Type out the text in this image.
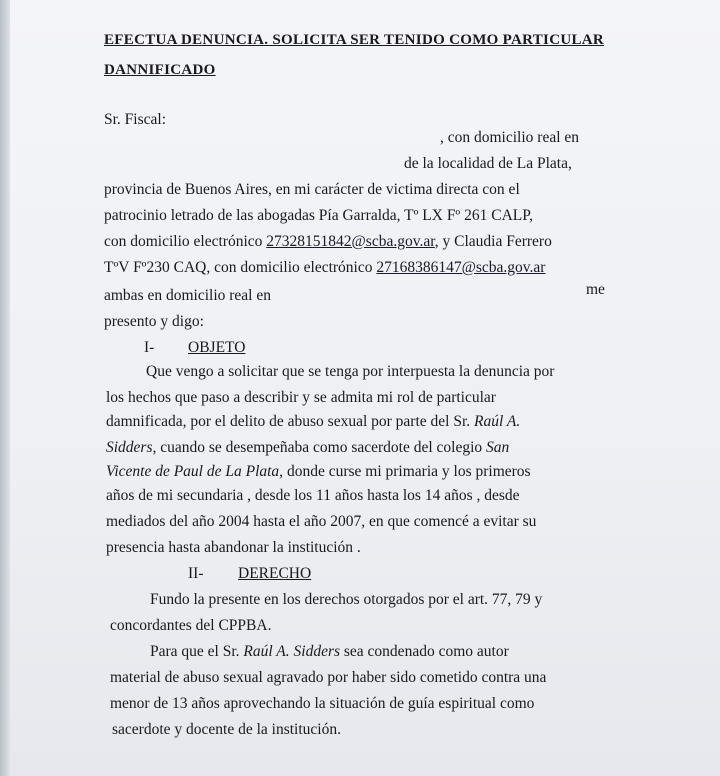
EFECTUA DENUNCIA. SOLICITA SER TENIDO COMO PARTICULAR
DANNIFICADO
Sr. Fiscal:
, con domicilio real en
de la localidad de La Plata,
provincia de Buenos Aires, en mi carácter de victima directa con el
patrocinio letrado de las abogadas Pía Garralda, Tº LX Fº 261 CALP,
con domicilio electrónico 27328151842@scba.gov.ar, y Claudia Ferrero
TºV Fº230 CAQ, con domicilio electrónico 27168386147@scba.gov.ar
ambas en domicilio real en	me
presento y digo:
I- OBJETO
Que vengo a solicitar que se tenga por interpuesta la denuncia por
los hechos que paso a describir y se admita mi rol de particular
damnificada, por el delito de abuso sexual por parte del Sr. Raúl A.
Sidders, cuando se desempeñaba como sacerdote del colegio San
Vicente de Paul de La Plata, donde curse mi primaria y los primeros
años de mi secundaria , desde los 11 años hasta los 14 años , desde
mediados del año 2004 hasta el año 2007, en que comencé a evitar su
presencia hasta abandonar la institución .
II- DERECHO
Fundo la presente en los derechos otorgados por el art. 77, 79 y
concordantes del CPPBA.
Para que el Sr. Raúl A. Sidders sea condenado como autor
material de abuso sexual agravado por haber sido cometido contra una
menor de 13 años aprovechando la situación de guía espiritual como
sacerdote y docente de la institución.
